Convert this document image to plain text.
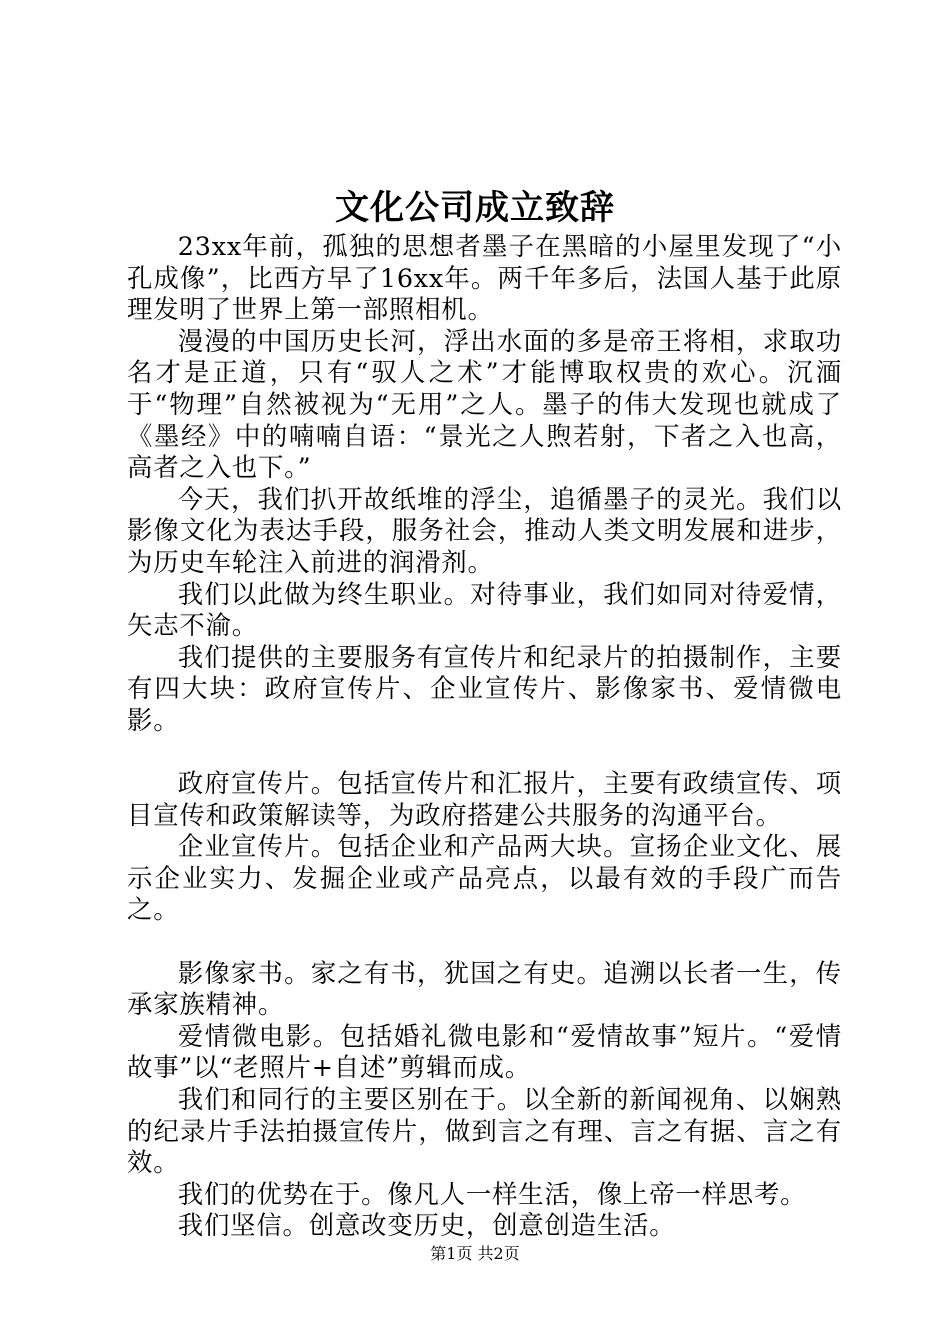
文化公司成立致辞

23xx年前，孤独的思想者墨子在黑暗的小屋里发现了“小孔成像”，比西方早了16xx年。两千年多后，法国人基于此原理发明了世界上第一部照相机。

漫漫的中国历史长河，浮出水面的多是帝王将相，求取功名才是正道，只有“驭人之术”才能博取权贵的欢心。沉湎于“物理”自然被视为“无用”之人。墨子的伟大发现也就成了《墨经》中的喃喃自语：“景光之人煦若射，下者之入也高，高者之入也下。”

今天，我们扒开故纸堆的浮尘，追循墨子的灵光。我们以影像文化为表达手段，服务社会，推动人类文明发展和进步，为历史车轮注入前进的润滑剂。

我们以此做为终生职业。对待事业，我们如同对待爱情，矢志不渝。

我们提供的主要服务有宣传片和纪录片的拍摄制作，主要有四大块：政府宣传片、企业宣传片、影像家书、爱情微电影。

政府宣传片。包括宣传片和汇报片，主要有政绩宣传、项目宣传和政策解读等，为政府搭建公共服务的沟通平台。

企业宣传片。包括企业和产品两大块。宣扬企业文化、展示企业实力、发掘企业或产品亮点，以最有效的手段广而告之。

影像家书。家之有书，犹国之有史。追溯以长者一生，传承家族精神。

爱情微电影。包括婚礼微电影和“爱情故事”短片。“爱情故事”以“老照片+自述”剪辑而成。

我们和同行的主要区别在于。以全新的新闻视角、以娴熟的纪录片手法拍摄宣传片，做到言之有理、言之有据、言之有效。

我们的优势在于。像凡人一样生活，像上帝一样思考。

我们坚信。创意改变历史，创意创造生活。

第1页 共2页
